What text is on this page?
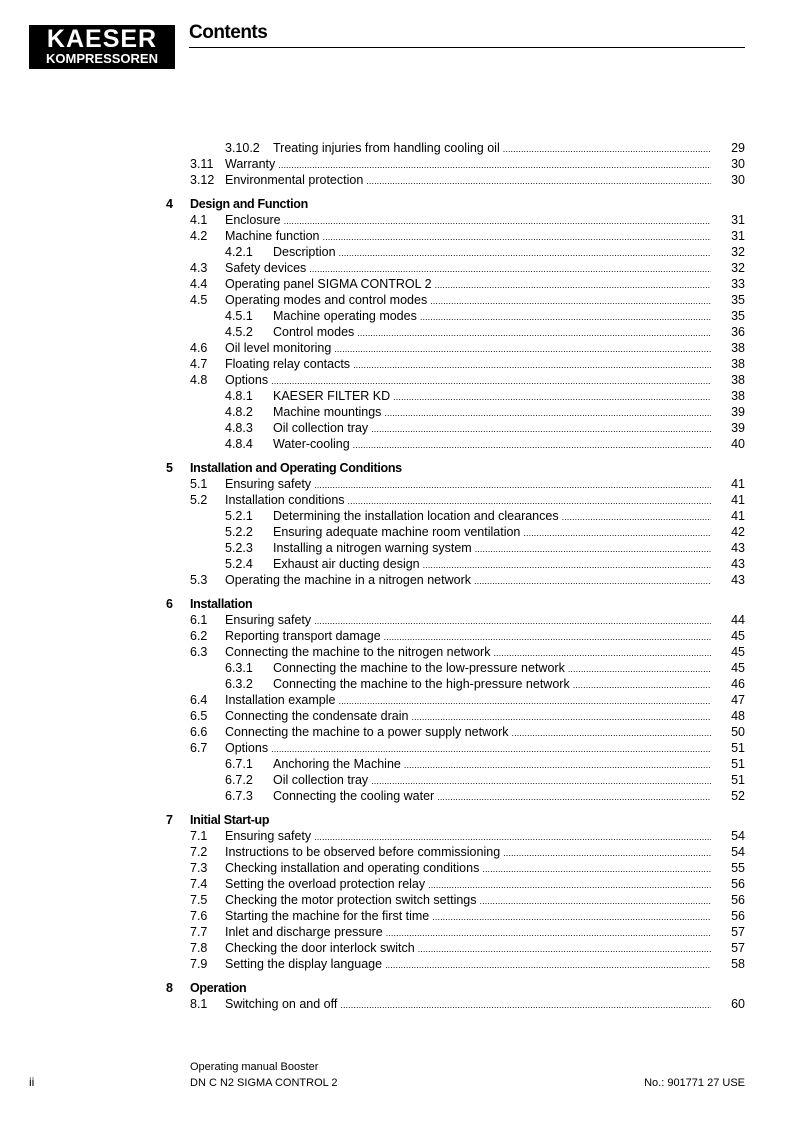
KAESER
KOMPRESSOREN
Contents
3.10.2 Treating injuries from handling cooling oil . . .	29
3.11 Warranty . . .	30
3.12 Environmental protection . . .	30
4 Design and Function
4.1 Enclosure . . .	31
4.2 Machine function . . .	31
4.2.1 Description . . .	32
4.3 Safety devices . . .	32
4.4 Operating panel SIGMA CONTROL 2 . . .	33
4.5 Operating modes and control modes . . .	35
4.5.1 Machine operating modes . . .	35
4.5.2 Control modes . . .	36
4.6 Oil level monitoring . . .	38
4.7 Floating relay contacts . . .	38
4.8 Options . . .	38
4.8.1 KAESER FILTER KD . . .	38
4.8.2 Machine mountings . . .	39
4.8.3 Oil collection tray . . .	39
4.8.4 Water-cooling . . .	40
5 Installation and Operating Conditions
5.1 Ensuring safety . . .	41
5.2 Installation conditions . . .	41
5.2.1 Determining the installation location and clearances . . .	41
5.2.2 Ensuring adequate machine room ventilation . . .	42
5.2.3 Installing a nitrogen warning system . . .	43
5.2.4 Exhaust air ducting design . . .	43
5.3 Operating the machine in a nitrogen network . . .	43
6 Installation
6.1 Ensuring safety . . .	44
6.2 Reporting transport damage . . .	45
6.3 Connecting the machine to the nitrogen network . . .	45
6.3.1 Connecting the machine to the low-pressure network . . .	45
6.3.2 Connecting the machine to the high-pressure network . . .	46
6.4 Installation example . . .	47
6.5 Connecting the condensate drain . . .	48
6.6 Connecting the machine to a power supply network . . .	50
6.7 Options . . .	51
6.7.1 Anchoring the Machine . . .	51
6.7.2 Oil collection tray . . .	51
6.7.3 Connecting the cooling water . . .	52
7 Initial Start-up
7.1 Ensuring safety . . .	54
7.2 Instructions to be observed before commissioning . . .	54
7.3 Checking installation and operating conditions . . .	55
7.4 Setting the overload protection relay . . .	56
7.5 Checking the motor protection switch settings . . .	56
7.6 Starting the machine for the first time . . .	56
7.7 Inlet and discharge pressure . . .	57
7.8 Checking the door interlock switch . . .	57
7.9 Setting the display language . . .	58
8 Operation
8.1 Switching on and off . . .	60
ii
Operating manual Booster
DN C N2 SIGMA CONTROL 2	No.: 901771 27 USE
